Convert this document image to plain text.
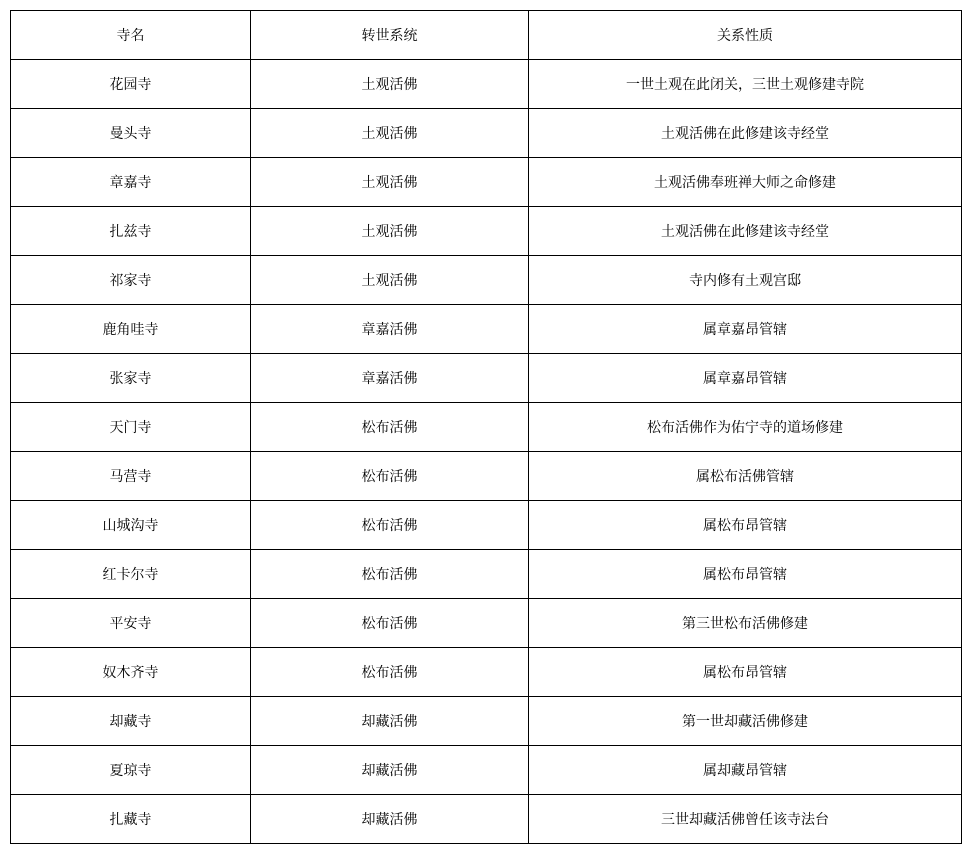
寺名	转世系统	关系性质
花园寺	土观活佛	一世土观在此闭关，三世土观修建寺院
曼头寺	土观活佛	土观活佛在此修建该寺经堂
章嘉寺	土观活佛	土观活佛奉班禅大师之命修建
扎兹寺	土观活佛	土观活佛在此修建该寺经堂
祁家寺	土观活佛	寺内修有土观宫邸
鹿角哇寺	章嘉活佛	属章嘉昂管辖
张家寺	章嘉活佛	属章嘉昂管辖
天门寺	松布活佛	松布活佛作为佑宁寺的道场修建
马营寺	松布活佛	属松布活佛管辖
山城沟寺	松布活佛	属松布昂管辖
红卡尔寺	松布活佛	属松布昂管辖
平安寺	松布活佛	第三世松布活佛修建
奴木齐寺	松布活佛	属松布昂管辖
却藏寺	却藏活佛	第一世却藏活佛修建
夏琼寺	却藏活佛	属却藏昂管辖
扎藏寺	却藏活佛	三世却藏活佛曾任该寺法台
